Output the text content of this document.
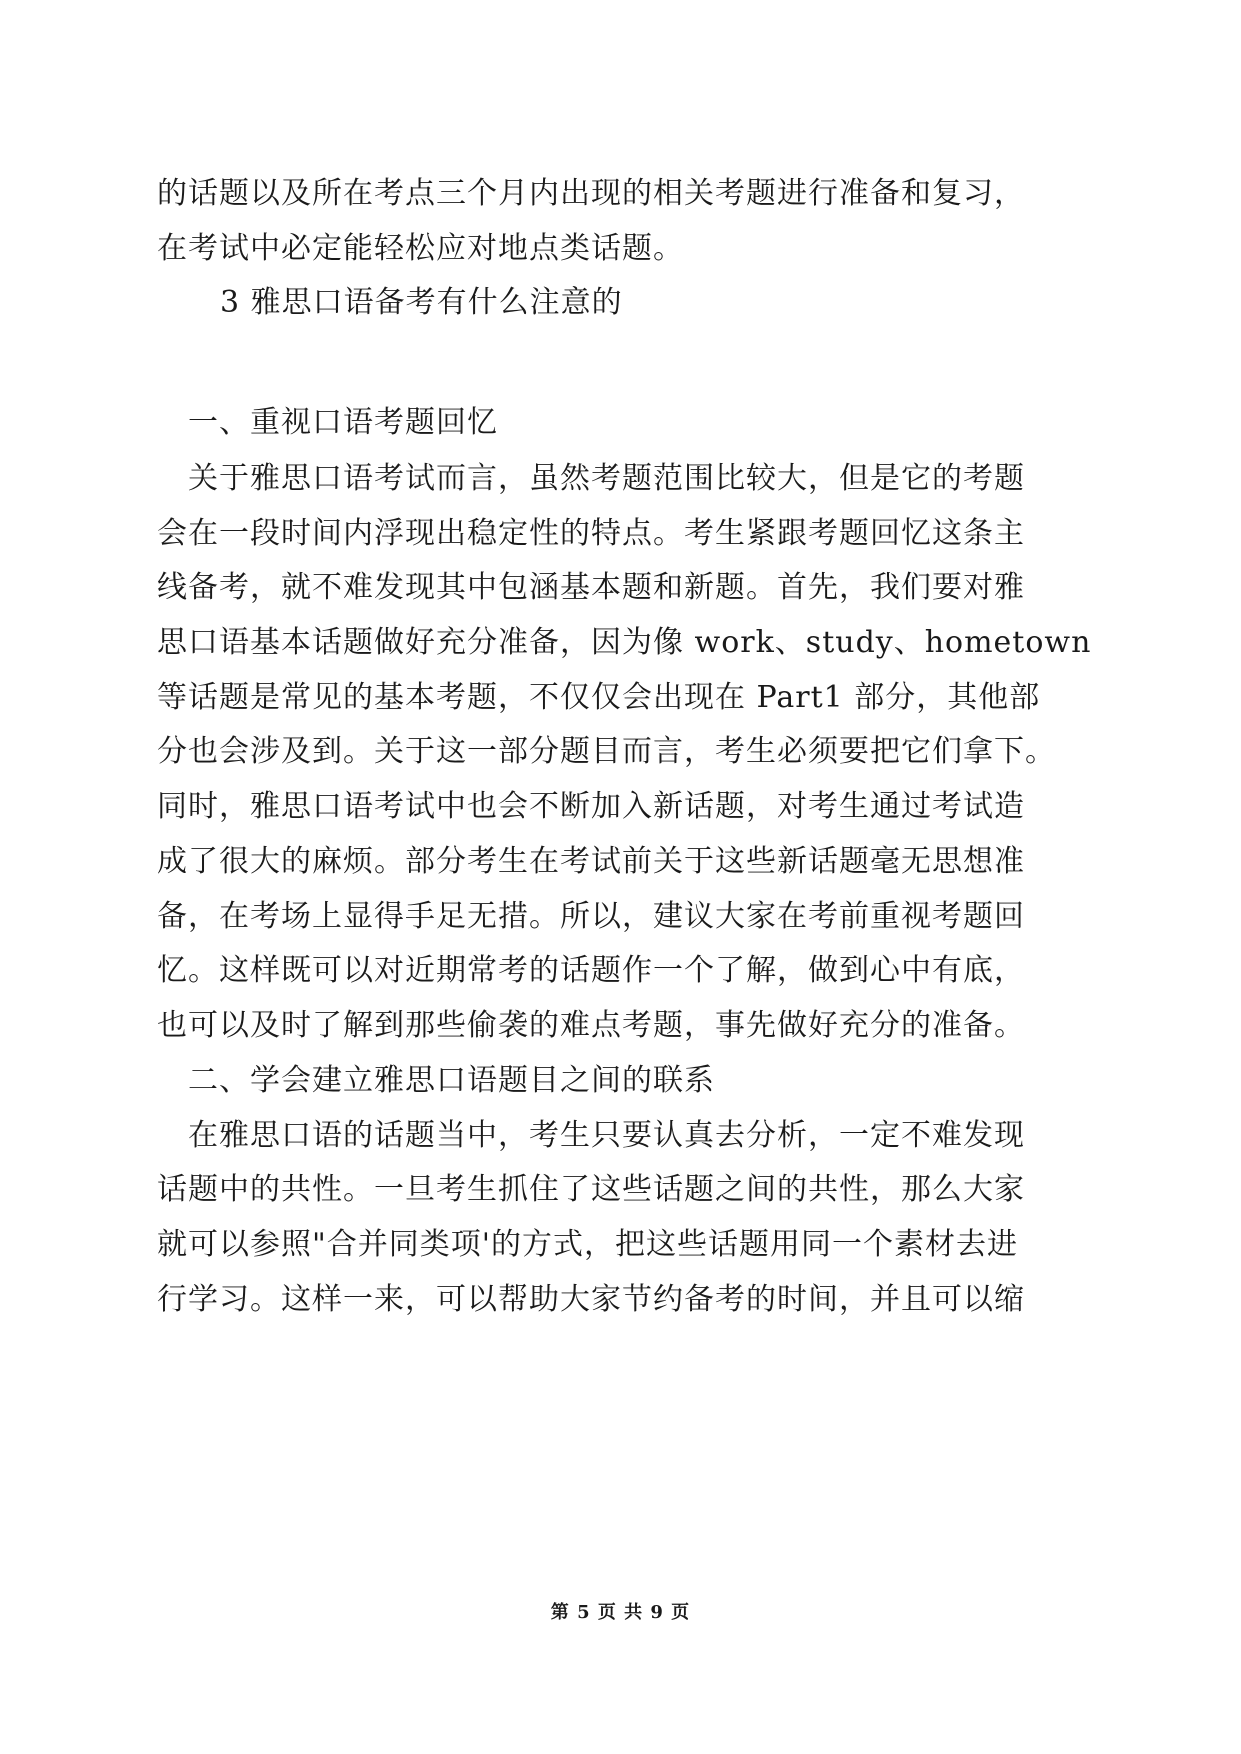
的话题以及所在考点三个月内出现的相关考题进行准备和复习，
在考试中必定能轻松应对地点类话题。
3 雅思口语备考有什么注意的
一、重视口语考题回忆
关于雅思口语考试而言，虽然考题范围比较大，但是它的考题
会在一段时间内浮现出稳定性的特点。考生紧跟考题回忆这条主
线备考，就不难发现其中包涵基本题和新题。首先，我们要对雅
思口语基本话题做好充分准备，因为像 work、study、hometown
等话题是常见的基本考题，不仅仅会出现在 Part1 部分，其他部
分也会涉及到。关于这一部分题目而言，考生必须要把它们拿下。
同时，雅思口语考试中也会不断加入新话题，对考生通过考试造
成了很大的麻烦。部分考生在考试前关于这些新话题毫无思想准
备，在考场上显得手足无措。所以，建议大家在考前重视考题回
忆。这样既可以对近期常考的话题作一个了解，做到心中有底，
也可以及时了解到那些偷袭的难点考题，事先做好充分的准备。
二、学会建立雅思口语题目之间的联系
在雅思口语的话题当中，考生只要认真去分析，一定不难发现
话题中的共性。一旦考生抓住了这些话题之间的共性，那么大家
就可以参照"合并同类项'的方式，把这些话题用同一个素材去进
行学习。这样一来，可以帮助大家节约备考的时间，并且可以缩
第 5 页 共 9 页
